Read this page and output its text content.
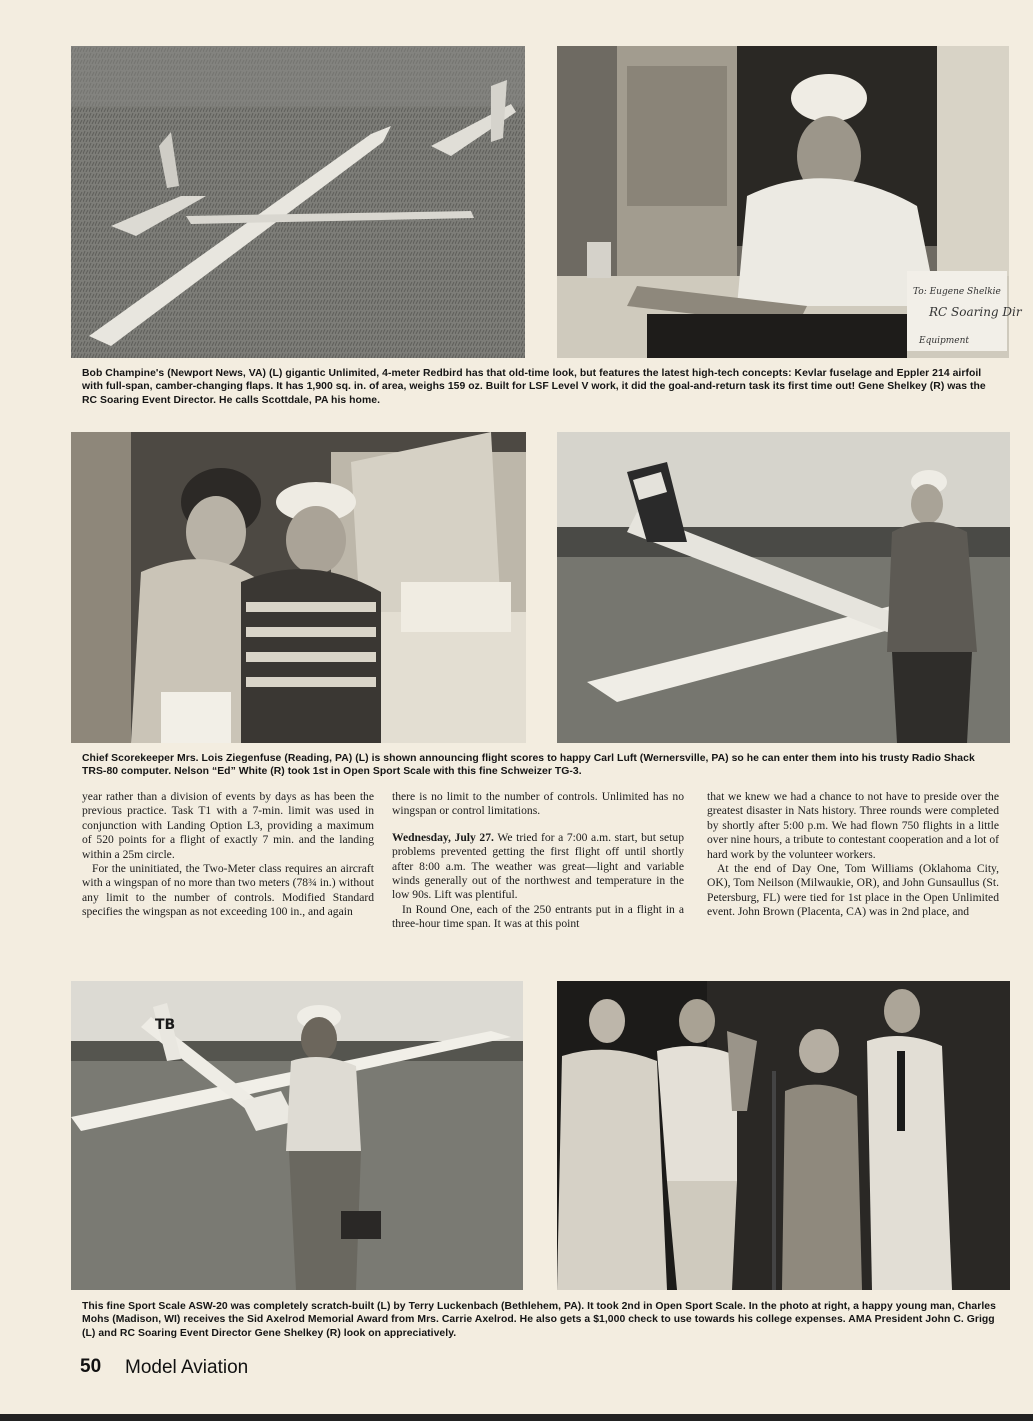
To: Eugene Shelkie
RC Soaring Dir
Equipment
Bob Champine's (Newport News, VA) (L) gigantic Unlimited, 4-meter Redbird has that old-time look, but features the latest high-tech concepts: Kevlar fuselage and Eppler 214 airfoil with full-span, camber-changing flaps. It has 1,900 sq. in. of area, weighs 159 oz. Built for LSF Level V work, it did the goal-and-return task its first time out! Gene Shelkey (R) was the RC Soaring Event Director. He calls Scottdale, PA his home.
Chief Scorekeeper Mrs. Lois Ziegenfuse (Reading, PA) (L) is shown announcing flight scores to happy Carl Luft (Wernersville, PA) so he can enter them into his trusty Radio Shack TRS-80 computer. Nelson “Ed” White (R) took 1st in Open Sport Scale with this fine Schweizer TG-3.

year rather than a division of events by days as has been the previous practice. Task T1 with a 7-min. limit was used in conjunction with Landing Option L3, providing a maximum of 520 points for a flight of exactly 7 min. and the landing within a 25m circle.

For the uninitiated, the Two-Meter class requires an aircraft with a wingspan of no more than two meters (78¾ in.) without any limit to the number of controls. Modified Standard specifies the wingspan as not exceeding 100 in., and again

there is no limit to the number of controls. Unlimited has no wingspan or control limitations.

Wednesday, July 27. We tried for a 7:00 a.m. start, but setup problems prevented getting the first flight off until shortly after 8:00 a.m. The weather was great—light and variable winds generally out of the northwest and temperature in the low 90s. Lift was plentiful.

In Round One, each of the 250 entrants put in a flight in a three-hour time span. It was at this point

that we knew we had a chance to not have to preside over the greatest disaster in Nats history. Three rounds were completed by shortly after 5:00 p.m. We had flown 750 flights in a little over nine hours, a tribute to contestant cooperation and a lot of hard work by the volunteer workers.

At the end of Day One, Tom Williams (Oklahoma City, OK), Tom Neilson (Milwaukie, OR), and John Gunsaullus (St. Petersburg, FL) were tied for 1st place in the Open Unlimited event. John Brown (Placenta, CA) was in 2nd place, and

TB
This fine Sport Scale ASW-20 was completely scratch-built (L) by Terry Luckenbach (Bethlehem, PA). It took 2nd in Open Sport Scale. In the photo at right, a happy young man, Charles Mohs (Madison, WI) receives the Sid Axelrod Memorial Award from Mrs. Carrie Axelrod. He also gets a $1,000 check to use towards his college expenses. AMA President John C. Grigg (L) and RC Soaring Event Director Gene Shelkey (R) look on appreciatively.
50 Model Aviation
